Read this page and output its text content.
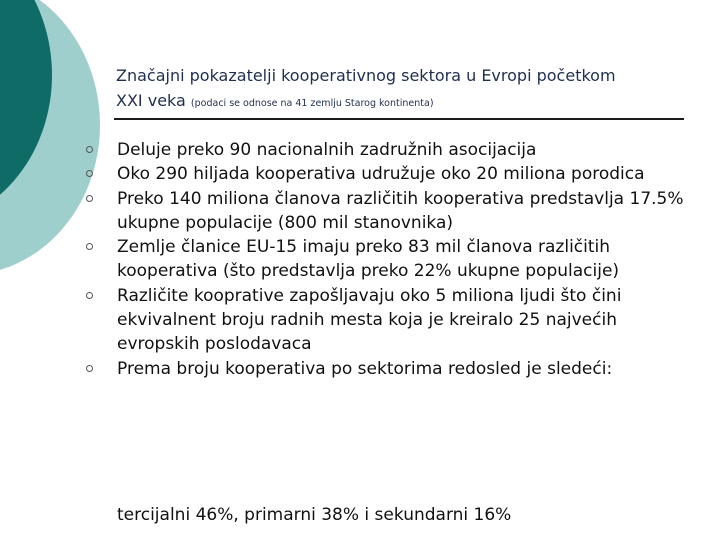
Značajni pokazatelji kooperativnog sektora u Evropi početkom
XXI veka (podaci se odnose na 41 zemlju Starog kontinenta)
Deluje preko 90 nacionalnih zadružnih asocijacija
Oko 290 hiljada kooperativa udružuje oko 20 miliona porodica
Preko 140 miliona članova različitih kooperativa predstavlja 17.5% ukupne populacije (800 mil stanovnika)
Zemlje članice EU-15 imaju preko 83 mil članova različitih kooperativa (što predstavlja preko 22% ukupne populacije)
Različite kooprative zapošljavaju oko 5 miliona ljudi što čini ekvivalnent broju radnih mesta koja je kreiralo 25 najvećih evropskih poslodavaca
Prema broju kooperativa po sektorima redosled je sledeći:
tercijalni 46%, primarni 38% i sekundarni 16%
